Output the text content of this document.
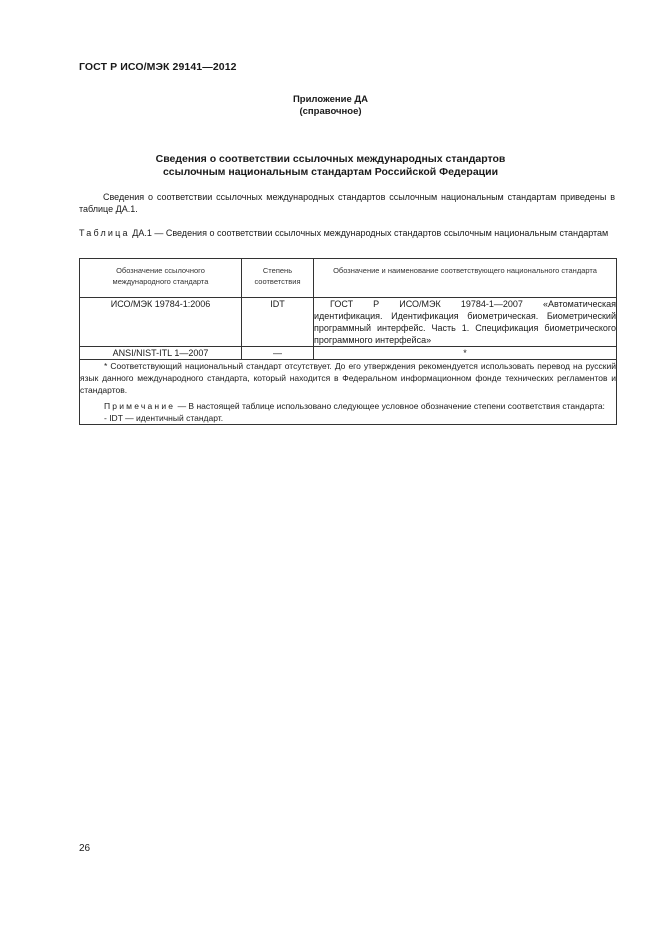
ГОСТ Р ИСО/МЭК 29141—2012
Приложение ДА
(справочное)
Сведения о соответствии ссылочных международных стандартов
ссылочным национальным стандартам Российской Федерации
Сведения о соответствии ссылочных международных стандартов ссылочным национальным стандартам приведены в таблице ДА.1.
Таблица ДА.1 — Сведения о соответствии ссылочных международных стандартов ссылочным национальным стандартам
Обозначение ссылочного международного стандарта	Степень соответствия	Обозначение и наименование соответствующего национального стандарта
ИСО/МЭК 19784-1:2006	IDT	ГОСТ Р ИСО/МЭК 19784-1—2007 «Автоматическая идентификация. Идентификация биометрическая. Биометрический программный интерфейс. Часть 1. Спецификация биометрического программного интерфейса»
ANSI/NIST-ITL 1—2007	—	*

* Соответствующий национальный стандарт отсутствует. До его утверждения рекомендуется использовать перевод на русский язык данного международного стандарта, который находится в Федеральном информационном фонде технических регламентов и стандартов.

Примечание — В настоящей таблице использовано следующее условное обозначение степени соответствия стандарта:

- IDT — идентичный стандарт.		

26
